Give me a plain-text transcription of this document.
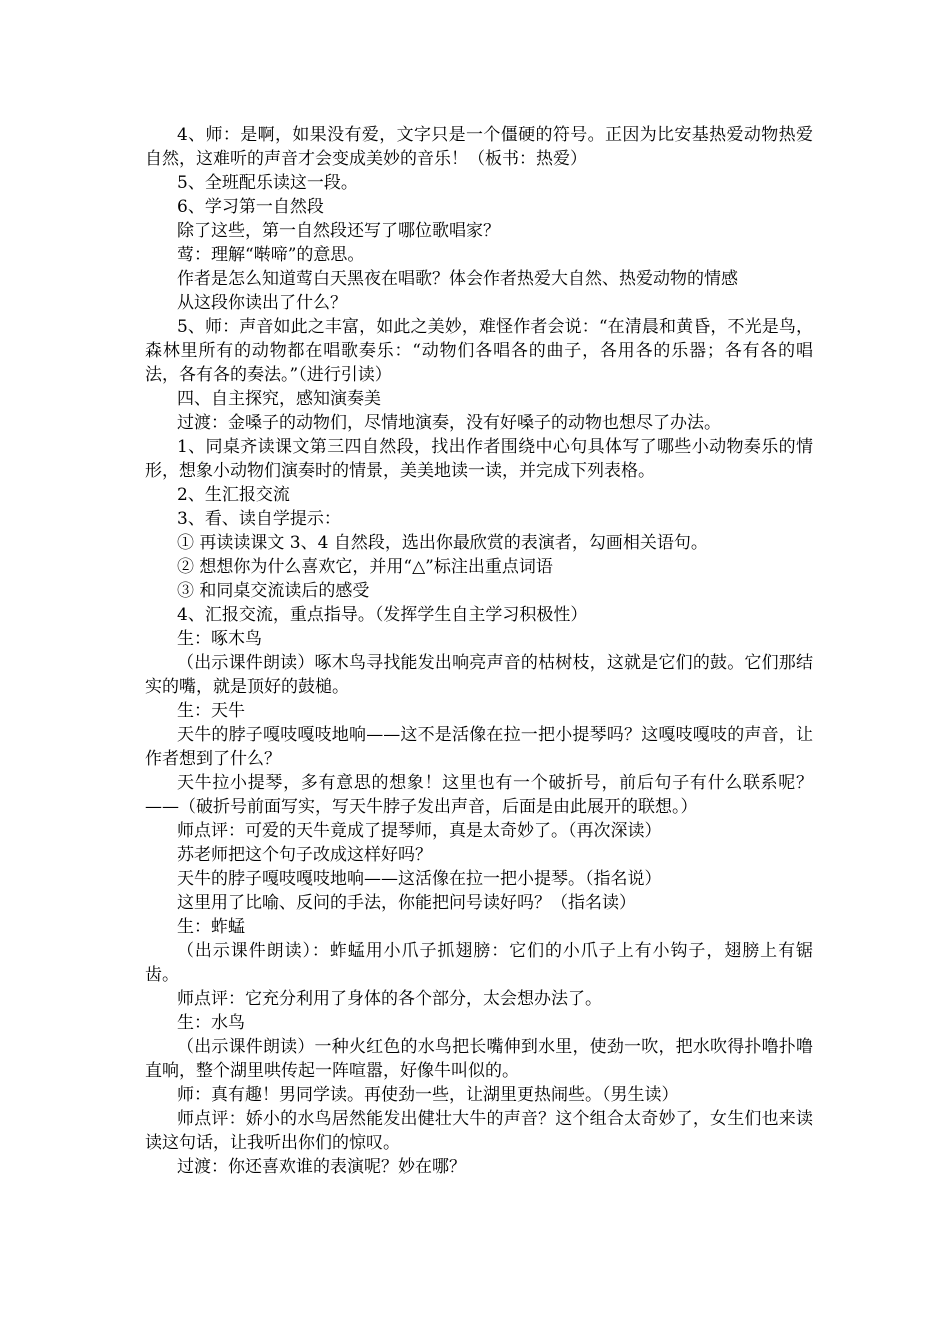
4、师：是啊，如果没有爱，文字只是一个僵硬的符号。正因为比安基热爱动物热爱自然，这难听的声音才会变成美妙的音乐！（板书：热爱）

5、全班配乐读这一段。

6、学习第一自然段

除了这些，第一自然段还写了哪位歌唱家？

莺：理解“啭啼”的意思。

作者是怎么知道莺白天黑夜在唱歌？体会作者热爱大自然、热爱动物的情感

从这段你读出了什么？

5、师：声音如此之丰富，如此之美妙，难怪作者会说：“在清晨和黄昏，不光是鸟，森林里所有的动物都在唱歌奏乐：“动物们各唱各的曲子，各用各的乐器；各有各的唱法，各有各的奏法。”（进行引读）

四、自主探究，感知演奏美

过渡：金嗓子的动物们，尽情地演奏，没有好嗓子的动物也想尽了办法。

1、同桌齐读课文第三四自然段，找出作者围绕中心句具体写了哪些小动物奏乐的情形，想象小动物们演奏时的情景，美美地读一读，并完成下列表格。

2、生汇报交流

3、看、读自学提示：

① 再读读课文 3、4 自然段，选出你最欣赏的表演者，勾画相关语句。

② 想想你为什么喜欢它，并用“△”标注出重点词语

③ 和同桌交流读后的感受

4、汇报交流，重点指导。（发挥学生自主学习积极性）

生：啄木鸟

（出示课件朗读）啄木鸟寻找能发出响亮声音的枯树枝，这就是它们的鼓。它们那结实的嘴，就是顶好的鼓槌。

生：天牛

天牛的脖子嘎吱嘎吱地响——这不是活像在拉一把小提琴吗？这嘎吱嘎吱的声音，让作者想到了什么？

天牛拉小提琴，多有意思的想象！这里也有一个破折号，前后句子有什么联系呢？——（破折号前面写实，写天牛脖子发出声音，后面是由此展开的联想。）

师点评：可爱的天牛竟成了提琴师，真是太奇妙了。（再次深读）

苏老师把这个句子改成这样好吗？

天牛的脖子嘎吱嘎吱地响——这活像在拉一把小提琴。（指名说）

这里用了比喻、反问的手法，你能把问号读好吗？（指名读）

生：蚱蜢

（出示课件朗读）：蚱蜢用小爪子抓翅膀：它们的小爪子上有小钩子，翅膀上有锯齿。

师点评：它充分利用了身体的各个部分，太会想办法了。

生：水鸟

（出示课件朗读）一种火红色的水鸟把长嘴伸到水里，使劲一吹，把水吹得扑噜扑噜直响，整个湖里哄传起一阵喧嚣，好像牛叫似的。

师：真有趣！男同学读。再使劲一些，让湖里更热闹些。（男生读）

师点评：娇小的水鸟居然能发出健壮大牛的声音？这个组合太奇妙了，女生们也来读读这句话，让我听出你们的惊叹。

过渡：你还喜欢谁的表演呢？妙在哪？
